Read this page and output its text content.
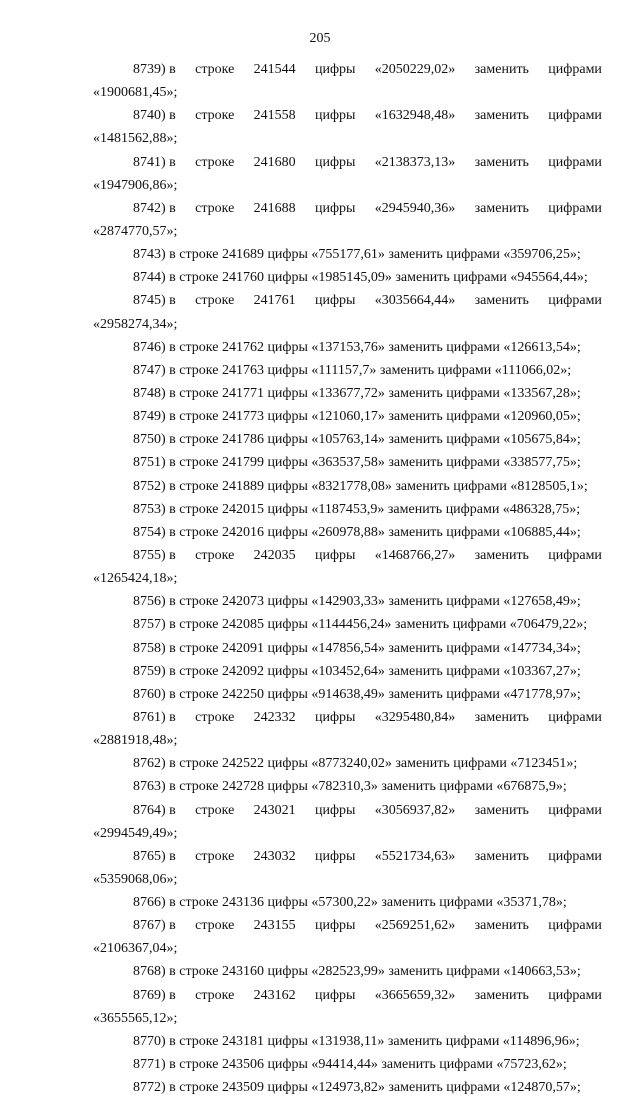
205
8739) в строке 241544 цифры «2050229,02» заменить цифрами
«1900681,45»;
8740) в строке 241558 цифры «1632948,48» заменить цифрами
«1481562,88»;
8741) в строке 241680 цифры «2138373,13» заменить цифрами
«1947906,86»;
8742) в строке 241688 цифры «2945940,36» заменить цифрами
«2874770,57»;
8743) в строке 241689 цифры «755177,61» заменить цифрами «359706,25»;
8744) в строке 241760 цифры «1985145,09» заменить цифрами «945564,44»;
8745) в строке 241761 цифры «3035664,44» заменить цифрами
«2958274,34»;
8746) в строке 241762 цифры «137153,76» заменить цифрами «126613,54»;
8747) в строке 241763 цифры «111157,7» заменить цифрами «111066,02»;
8748) в строке 241771 цифры «133677,72» заменить цифрами «133567,28»;
8749) в строке 241773 цифры «121060,17» заменить цифрами «120960,05»;
8750) в строке 241786 цифры «105763,14» заменить цифрами «105675,84»;
8751) в строке 241799 цифры «363537,58» заменить цифрами «338577,75»;
8752) в строке 241889 цифры «8321778,08» заменить цифрами «8128505,1»;
8753) в строке 242015 цифры «1187453,9» заменить цифрами «486328,75»;
8754) в строке 242016 цифры «260978,88» заменить цифрами «106885,44»;
8755) в строке 242035 цифры «1468766,27» заменить цифрами
«1265424,18»;
8756) в строке 242073 цифры «142903,33» заменить цифрами «127658,49»;
8757) в строке 242085 цифры «1144456,24» заменить цифрами «706479,22»;
8758) в строке 242091 цифры «147856,54» заменить цифрами «147734,34»;
8759) в строке 242092 цифры «103452,64» заменить цифрами «103367,27»;
8760) в строке 242250 цифры «914638,49» заменить цифрами «471778,97»;
8761) в строке 242332 цифры «3295480,84» заменить цифрами
«2881918,48»;
8762) в строке 242522 цифры «8773240,02» заменить цифрами «7123451»;
8763) в строке 242728 цифры «782310,3» заменить цифрами «676875,9»;
8764) в строке 243021 цифры «3056937,82» заменить цифрами
«2994549,49»;
8765) в строке 243032 цифры «5521734,63» заменить цифрами
«5359068,06»;
8766) в строке 243136 цифры «57300,22» заменить цифрами «35371,78»;
8767) в строке 243155 цифры «2569251,62» заменить цифрами
«2106367,04»;
8768) в строке 243160 цифры «282523,99» заменить цифрами «140663,53»;
8769) в строке 243162 цифры «3665659,32» заменить цифрами
«3655565,12»;
8770) в строке 243181 цифры «131938,11» заменить цифрами «114896,96»;
8771) в строке 243506 цифры «94414,44» заменить цифрами «75723,62»;
8772) в строке 243509 цифры «124973,82» заменить цифрами «124870,57»;
